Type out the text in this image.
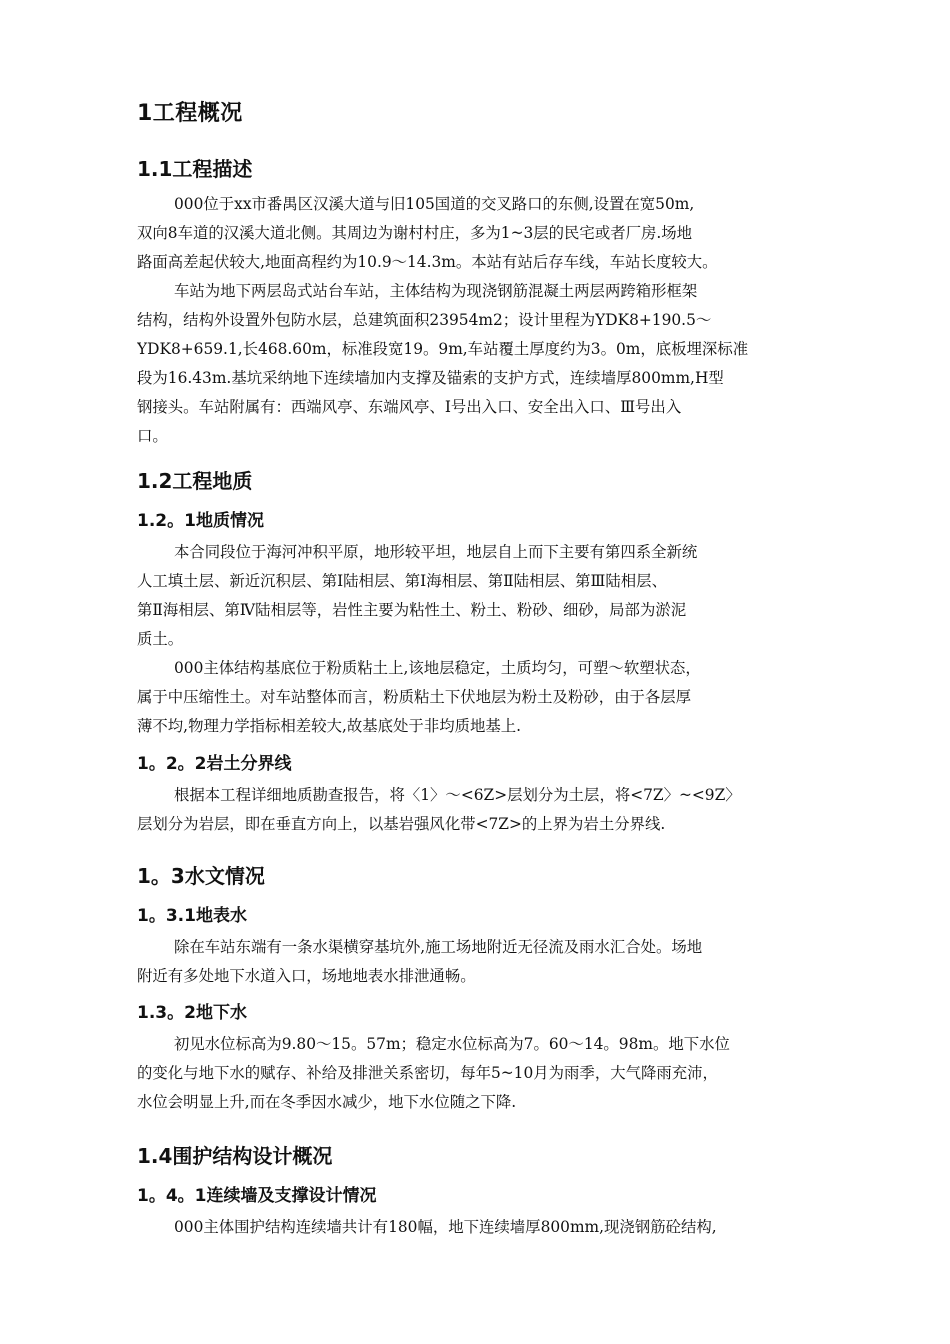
1工程概况
1.1工程描述
000位于xx市番禺区汉溪大道与旧105国道的交叉路口的东侧,设置在宽50m,
双向8车道的汉溪大道北侧。其周边为谢村村庄，多为1~3层的民宅或者厂房.场地
路面高差起伏较大,地面高程约为10.9～14.3m。本站有站后存车线，车站长度较大。
车站为地下两层岛式站台车站，主体结构为现浇钢筋混凝土两层两跨箱形框架
结构，结构外设置外包防水层，总建筑面积23954m2；设计里程为YDK8+190.5～
YDK8+659.1,长468.60m，标准段宽19。9m,车站覆土厚度约为3。0m，底板埋深标准
段为16.43m.基坑采纳地下连续墙加内支撑及锚索的支护方式，连续墙厚800mm,H型
钢接头。车站附属有：西端风亭、东端风亭、Ⅰ号出入口、安全出入口、Ⅲ号出入
口。
1.2工程地质
1.2。1地质情况
本合同段位于海河冲积平原，地形较平坦，地层自上而下主要有第四系全新统
人工填土层、新近沉积层、第Ⅰ陆相层、第Ⅰ海相层、第Ⅱ陆相层、第Ⅲ陆相层、
第Ⅱ海相层、第Ⅳ陆相层等，岩性主要为粘性土、粉土、粉砂、细砂，局部为淤泥
质土。
000主体结构基底位于粉质粘土上,该地层稳定，土质均匀，可塑～软塑状态，
属于中压缩性土。对车站整体而言，粉质粘土下伏地层为粉土及粉砂，由于各层厚
薄不均,物理力学指标相差较大,故基底处于非均质地基上.
1。2。2岩土分界线
根据本工程详细地质勘查报告，将〈1〉～<6Z>层划分为土层，将<7Z〉~<9Z〉
层划分为岩层，即在垂直方向上，以基岩强风化带<7Z>的上界为岩土分界线.
1。3水文情况
1。3.1地表水
除在车站东端有一条水渠横穿基坑外,施工场地附近无径流及雨水汇合处。场地
附近有多处地下水道入口，场地地表水排泄通畅。
1.3。2地下水
初见水位标高为9.80～15。57m；稳定水位标高为7。60～14。98m。地下水位
的变化与地下水的赋存、补给及排泄关系密切，每年5~10月为雨季，大气降雨充沛，
水位会明显上升,而在冬季因水减少，地下水位随之下降.
1.4围护结构设计概况
1。4。1连续墙及支撑设计情况
000主体围护结构连续墙共计有180幅，地下连续墙厚800mm,现浇钢筋砼结构,
